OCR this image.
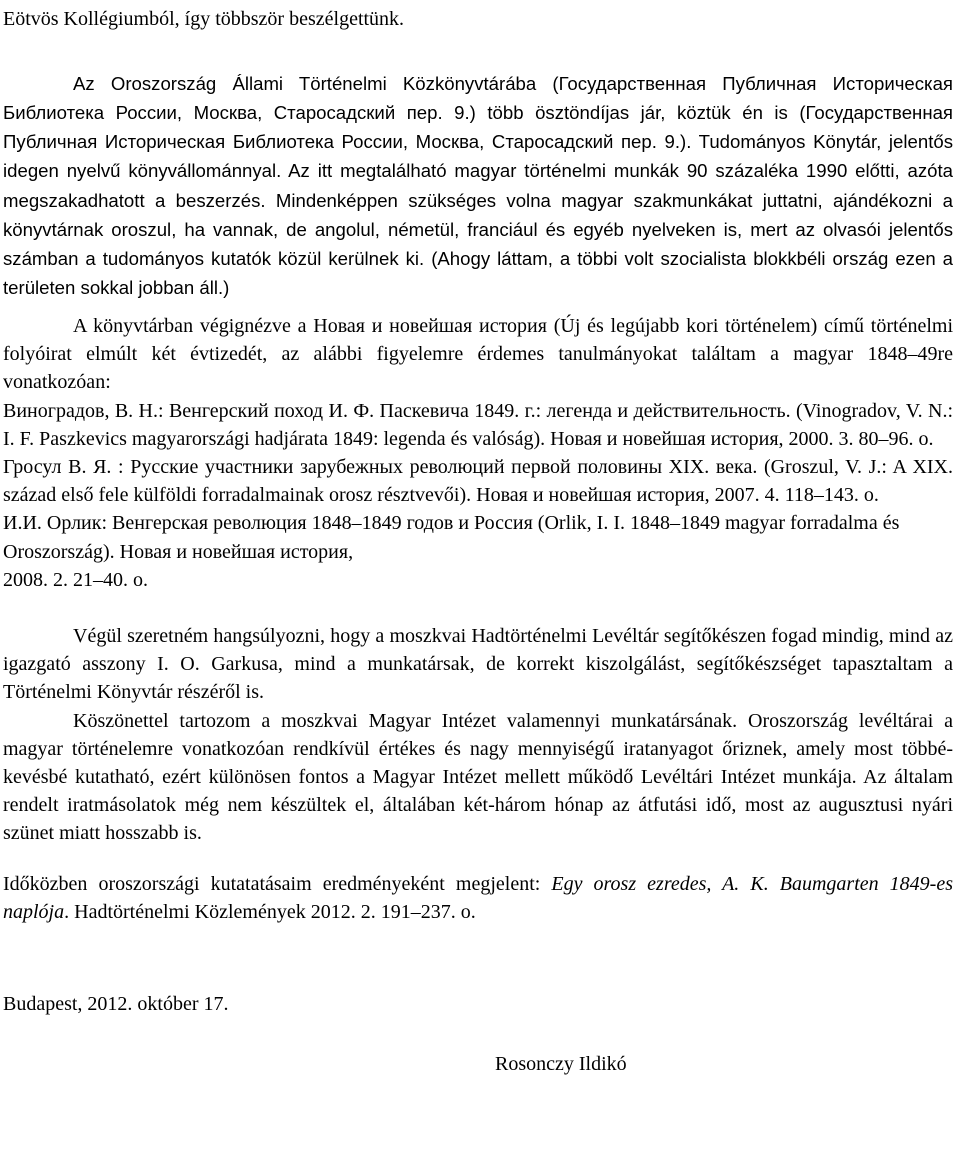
Eötvös Kollégiumból, így többször beszélgettünk.

Az Oroszország Állami Történelmi Közkönyvtárába (Государственная Публичная Историческая Библиотека России, Москва, Старосадский пер. 9.) több ösztöndíjas jár, köztük én is (Государственная Публичная Историческая Библиотека России, Москва, Старосадский пер. 9.). Tudományos Könytár, jelentős idegen nyelvű könyvállománnyal. Az itt megtalálható magyar történelmi munkák 90 százaléka 1990 előtti, azóta megszakadhatott a beszerzés. Mindenképpen szükséges volna magyar szakmunkákat juttatni, ajándékozni a könyvtárnak oroszul, ha vannak, de angolul, németül, franciául és egyéb nyelveken is, mert az olvasói jelentős számban a tudományos kutatók közül kerülnek ki. (Ahogy láttam, a többi volt szocialista blokkbéli ország ezen a területen sokkal jobban áll.)

A könyvtárban végignézve a Новая и новейшая история (Új és legújabb kori történelem) című történelmi folyóirat elmúlt két évtizedét, az alábbi figyelemre érdemes tanulmányokat találtam a magyar 1848–49re vonatkozóan:

Виноградов, В. Н.: Венгерский поход И. Ф. Паскевича 1849. г.: легенда и действительность. (Vinogradov, V. N.: I. F. Paszkevics magyarországi hadjárata 1849: legenda és valóság). Новая и новейшая история, 2000. 3. 80–96. o.

Гросул В. Я. : Русские участники зарубежных революций первой половины XIX. века. (Groszul, V. J.: A XIX. század első fele külföldi forradalmainak orosz résztvevői). Новая и новейшая история, 2007. 4. 118–143. o.

И.И. Орлик: Венгерская революция 1848–1849 годов и Россия (Orlik, I. I. 1848–1849 magyar forradalma és Oroszország). Новая и новейшая история,

2008. 2. 21–40. o.

Végül szeretném hangsúlyozni, hogy a moszkvai Hadtörténelmi Levéltár segítőkészen fogad mindig, mind az igazgató asszony I. O. Garkusa, mind a munkatársak, de korrekt kiszolgálást, segítőkészséget tapasztaltam a Történelmi Könyvtár részéről is.

Köszönettel tartozom a moszkvai Magyar Intézet valamennyi munkatársának. Oroszország levéltárai a magyar történelemre vonatkozóan rendkívül értékes és nagy mennyiségű iratanyagot őriznek, amely most többé-kevésbé kutatható, ezért különösen fontos a Magyar Intézet mellett működő Levéltári Intézet munkája. Az általam rendelt iratmásolatok még nem készültek el, általában két-három hónap az átfutási idő, most az augusztusi nyári szünet miatt hosszabb is.

Időközben oroszországi kutatatásaim eredményeként megjelent: Egy orosz ezredes, A. K. Baumgarten 1849-es naplója. Hadtörténelmi Közlemények 2012. 2. 191–237. o.

Budapest, 2012. október 17.

Rosonczy Ildikó
